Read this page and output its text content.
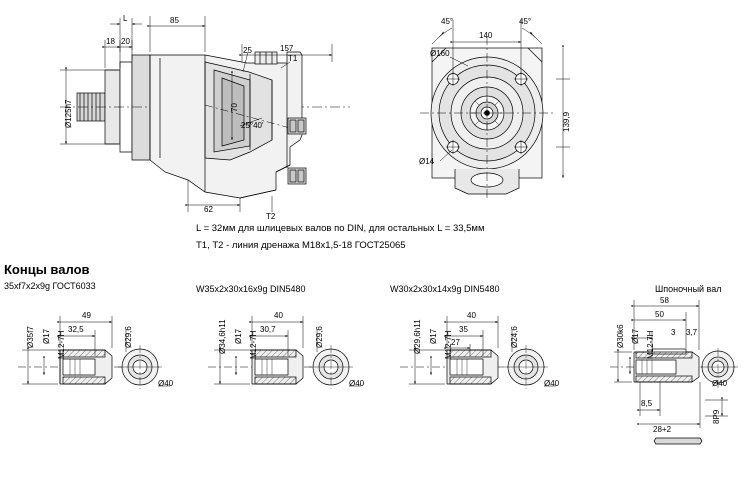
L	85
18 20
25	157
62
70
Ø125h7	25°40'
T1
T2
140
Ø160
139,9
Ø14
45°	45°
L = 32мм для шлицевых валов по DIN, для остальных L = 33,5мм
Т1, Т2 - линия дренажа М18х1,5-18 ГОСТ25065
Концы валов
35xf7x2x9g ГОСТ6033	W35x2x30x16x9g DIN5480	W30x2x30x14x9g DIN5480	Шпоночный вал
49
32,5
Ø35f7 Ø17 M12-7H	Ø29,6
Ø40
40
30,7
Ø34,6h11 Ø17 M12-7H	Ø29,6
Ø40
40
35
27
Ø29,6h11 Ø17 M12-7H	Ø24,6
Ø40
58
50
3 3,7
Ø30k6 Ø17 M12-7H
Ø40
8,5
28+2
8P9
